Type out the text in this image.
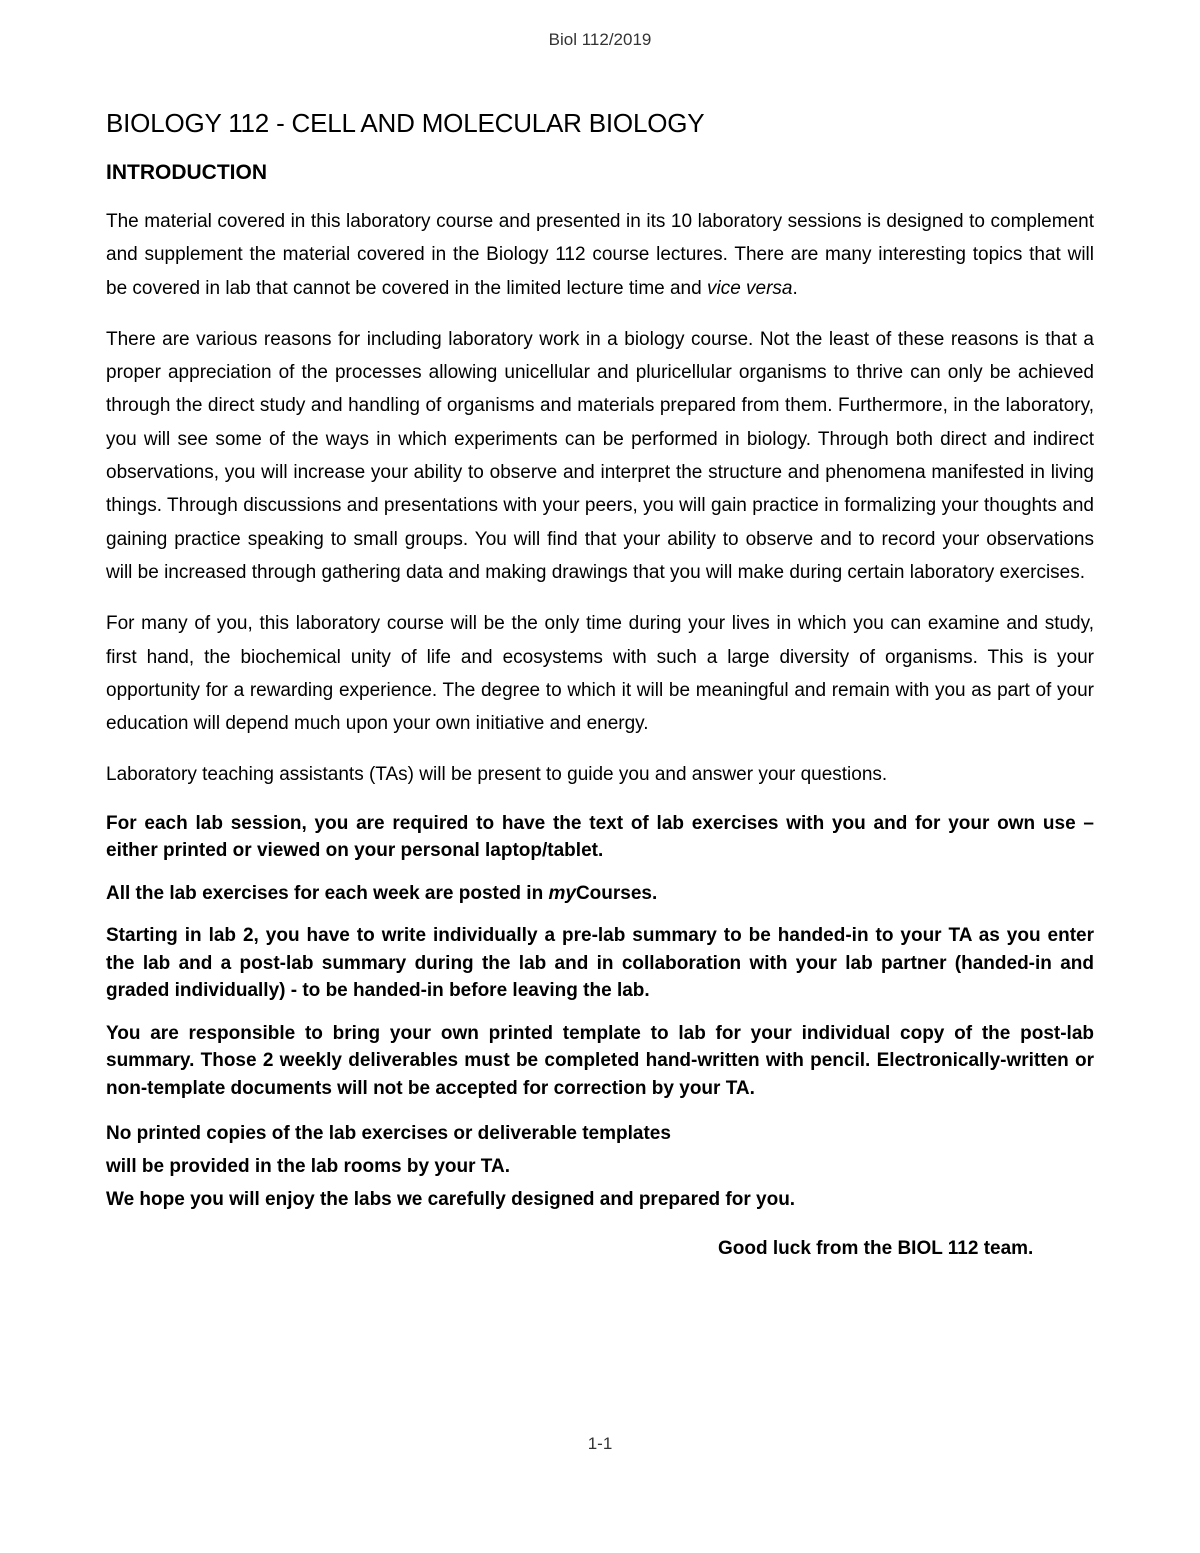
Biol 112/2019
BIOLOGY 112 - CELL AND MOLECULAR BIOLOGY
INTRODUCTION

The material covered in this laboratory course and presented in its 10 laboratory sessions is designed to complement and supplement the material covered in the Biology 112 course lectures. There are many interesting topics that will be covered in lab that cannot be covered in the limited lecture time and vice versa.

There are various reasons for including laboratory work in a biology course. Not the least of these reasons is that a proper appreciation of the processes allowing unicellular and pluricellular organisms to thrive can only be achieved through the direct study and handling of organisms and materials prepared from them. Furthermore, in the laboratory, you will see some of the ways in which experiments can be performed in biology. Through both direct and indirect observations, you will increase your ability to observe and interpret the structure and phenomena manifested in living things. Through discussions and presentations with your peers, you will gain practice in formalizing your thoughts and gaining practice speaking to small groups. You will find that your ability to observe and to record your observations will be increased through gathering data and making drawings that you will make during certain laboratory exercises.

For many of you, this laboratory course will be the only time during your lives in which you can examine and study, first hand, the biochemical unity of life and ecosystems with such a large diversity of organisms. This is your opportunity for a rewarding experience. The degree to which it will be meaningful and remain with you as part of your education will depend much upon your own initiative and energy.

Laboratory teaching assistants (TAs) will be present to guide you and answer your questions.

For each lab session, you are required to have the text of lab exercises with you and for your own use – either printed or viewed on your personal laptop/tablet.

All the lab exercises for each week are posted in myCourses.

Starting in lab 2, you have to write individually a pre-lab summary to be handed-in to your TA as you enter the lab and a post-lab summary during the lab and in collaboration with your lab partner (handed-in and graded individually) - to be handed-in before leaving the lab.

You are responsible to bring your own printed template to lab for your individual copy of the post-lab summary. Those 2 weekly deliverables must be completed hand-written with pencil. Electronically-written or non-template documents will not be accepted for correction by your TA.

No printed copies of the lab exercises or deliverable templates
will be provided in the lab rooms by your TA.
We hope you will enjoy the labs we carefully designed and prepared for you.
Good luck from the BIOL 112 team.
1-1
